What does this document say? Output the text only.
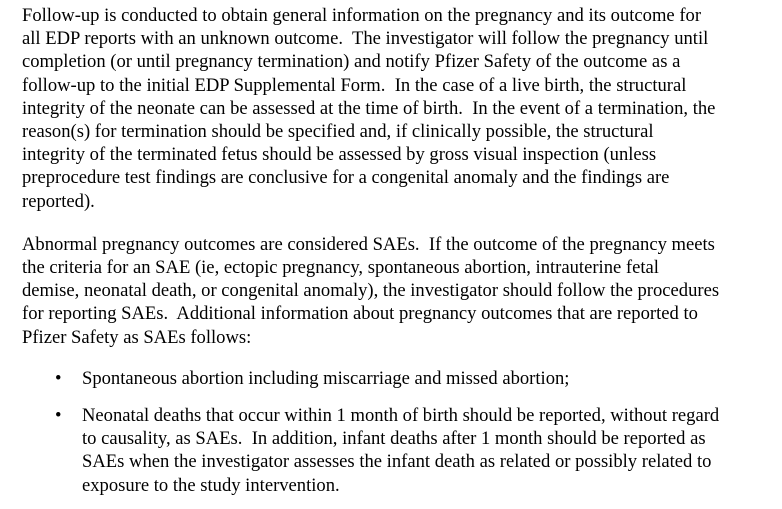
Follow-up is conducted to obtain general information on the pregnancy and its outcome for
all EDP reports with an unknown outcome.  The investigator will follow the pregnancy until
completion (or until pregnancy termination) and notify Pfizer Safety of the outcome as a
follow-up to the initial EDP Supplemental Form.  In the case of a live birth, the structural
integrity of the neonate can be assessed at the time of birth.  In the event of a termination, the
reason(s) for termination should be specified and, if clinically possible, the structural
integrity of the terminated fetus should be assessed by gross visual inspection (unless
preprocedure test findings are conclusive for a congenital anomaly and the findings are
reported).

Abnormal pregnancy outcomes are considered SAEs.  If the outcome of the pregnancy meets
the criteria for an SAE (ie, ectopic pregnancy, spontaneous abortion, intrauterine fetal
demise, neonatal death, or congenital anomaly), the investigator should follow the procedures
for reporting SAEs.  Additional information about pregnancy outcomes that are reported to
Pfizer Safety as SAEs follows:

• Spontaneous abortion including miscarriage and missed abortion;
• Neonatal deaths that occur within 1 month of birth should be reported, without regard
to causality, as SAEs.  In addition, infant deaths after 1 month should be reported as
SAEs when the investigator assesses the infant death as related or possibly related to
exposure to the study intervention.
